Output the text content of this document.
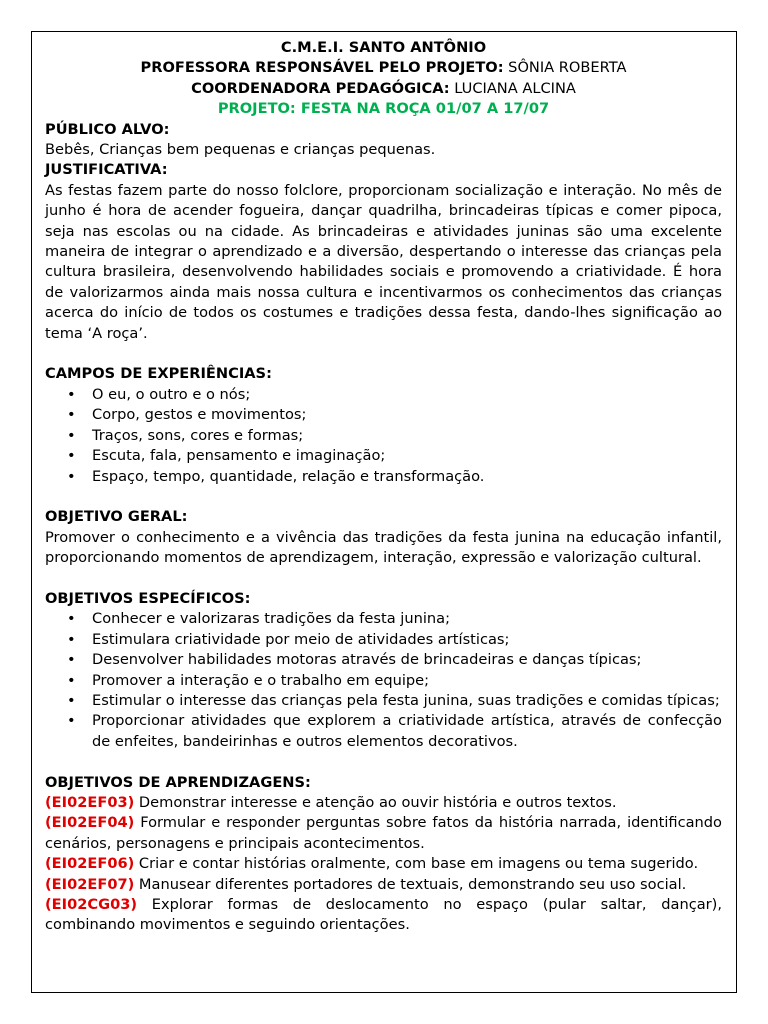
C.M.E.I. SANTO ANTÔNIO

PROFESSORA RESPONSÁVEL PELO PROJETO: SÔNIA ROBERTA

COORDENADORA PEDAGÓGICA: LUCIANA ALCINA

PROJETO: FESTA NA ROÇA 01/07 A 17/07

PÚBLICO ALVO:

Bebês, Crianças bem pequenas e crianças pequenas.

JUSTIFICATIVA:

As festas fazem parte do nosso folclore, proporcionam socialização e interação. No mês de junho é hora de acender fogueira, dançar quadrilha, brincadeiras típicas e comer pipoca, seja nas escolas ou na cidade. As brincadeiras e atividades juninas são uma excelente maneira de integrar o aprendizado e a diversão, despertando o interesse das crianças pela cultura brasileira, desenvolvendo habilidades sociais e promovendo a criatividade. É hora de valorizarmos ainda mais nossa cultura e incentivarmos os conhecimentos das crianças acerca do início de todos os costumes e tradições dessa festa, dando-lhes significação ao tema ‘A roça’.

CAMPOS DE EXPERIÊNCIAS:

• O eu, o outro e o nós;
• Corpo, gestos e movimentos;
• Traços, sons, cores e formas;
• Escuta, fala, pensamento e imaginação;
• Espaço, tempo, quantidade, relação e transformação.

OBJETIVO GERAL:

Promover o conhecimento e a vivência das tradições da festa junina na educação infantil, proporcionando momentos de aprendizagem, interação, expressão e valorização cultural.

OBJETIVOS ESPECÍFICOS:

• Conhecer e valorizaras tradições da festa junina;
• Estimulara criatividade por meio de atividades artísticas;
• Desenvolver habilidades motoras através de brincadeiras e danças típicas;
• Promover a interação e o trabalho em equipe;
• Estimular o interesse das crianças pela festa junina, suas tradições e comidas típicas;
• Proporcionar atividades que explorem a criatividade artística, através de confecção de enfeites, bandeirinhas e outros elementos decorativos.

OBJETIVOS DE APRENDIZAGENS:

(EI02EF03) Demonstrar interesse e atenção ao ouvir história e outros textos.

(EI02EF04) Formular e responder perguntas sobre fatos da história narrada, identificando cenários, personagens e principais acontecimentos.

(EI02EF06) Criar e contar histórias oralmente, com base em imagens ou tema sugerido.

(EI02EF07) Manusear diferentes portadores de textuais, demonstrando seu uso social.

(EI02CG03) Explorar formas de deslocamento no espaço (pular saltar, dançar), combinando movimentos e seguindo orientações.
